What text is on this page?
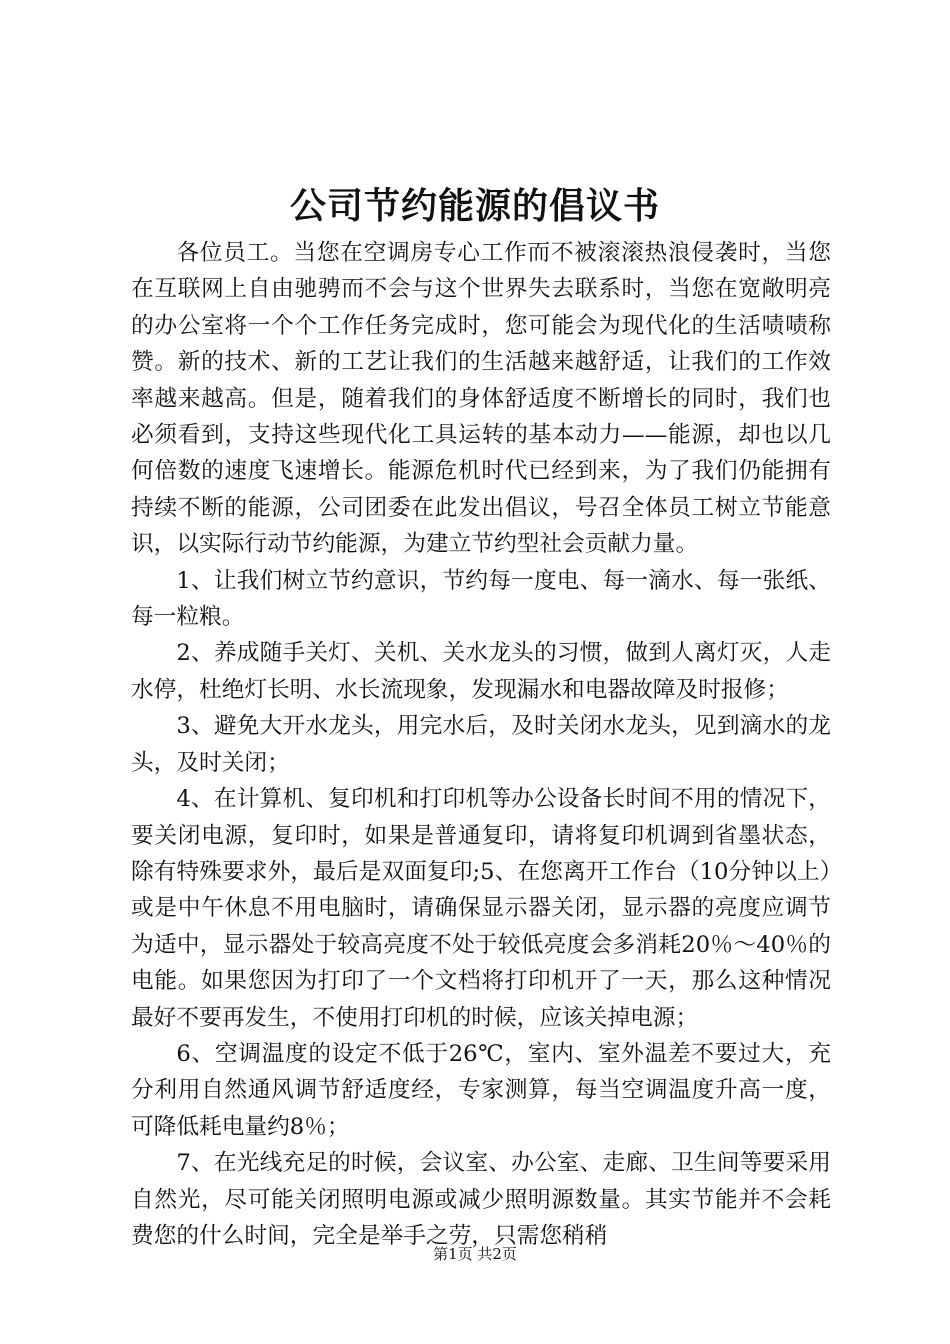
公司节约能源的倡议书

各位员工。当您在空调房专心工作而不被滚滚热浪侵袭时，当您在互联网上自由驰骋而不会与这个世界失去联系时，当您在宽敞明亮的办公室将一个个工作任务完成时，您可能会为现代化的生活啧啧称赞。新的技术、新的工艺让我们的生活越来越舒适，让我们的工作效率越来越高。但是，随着我们的身体舒适度不断增长的同时，我们也必须看到，支持这些现代化工具运转的基本动力——能源，却也以几何倍数的速度飞速增长。能源危机时代已经到来，为了我们仍能拥有持续不断的能源，公司团委在此发出倡议，号召全体员工树立节能意识，以实际行动节约能源，为建立节约型社会贡献力量。

1、让我们树立节约意识，节约每一度电、每一滴水、每一张纸、每一粒粮。

2、养成随手关灯、关机、关水龙头的习惯，做到人离灯灭，人走水停，杜绝灯长明、水长流现象，发现漏水和电器故障及时报修；

3、避免大开水龙头，用完水后，及时关闭水龙头，见到滴水的龙头，及时关闭；

4、在计算机、复印机和打印机等办公设备长时间不用的情况下，要关闭电源，复印时，如果是普通复印，请将复印机调到省墨状态，除有特殊要求外，最后是双面复印;5、在您离开工作台（10分钟以上）或是中午休息不用电脑时，请确保显示器关闭，显示器的亮度应调节为适中，显示器处于较高亮度不处于较低亮度会多消耗20％～40％的电能。如果您因为打印了一个文档将打印机开了一天，那么这种情况最好不要再发生，不使用打印机的时候，应该关掉电源；

6、空调温度的设定不低于26℃，室内、室外温差不要过大，充分利用自然通风调节舒适度经，专家测算，每当空调温度升高一度，可降低耗电量约8％；

7、在光线充足的时候，会议室、办公室、走廊、卫生间等要采用自然光，尽可能关闭照明电源或减少照明源数量。其实节能并不会耗费您的什么时间，完全是举手之劳，只需您稍稍

第1页 共2页
